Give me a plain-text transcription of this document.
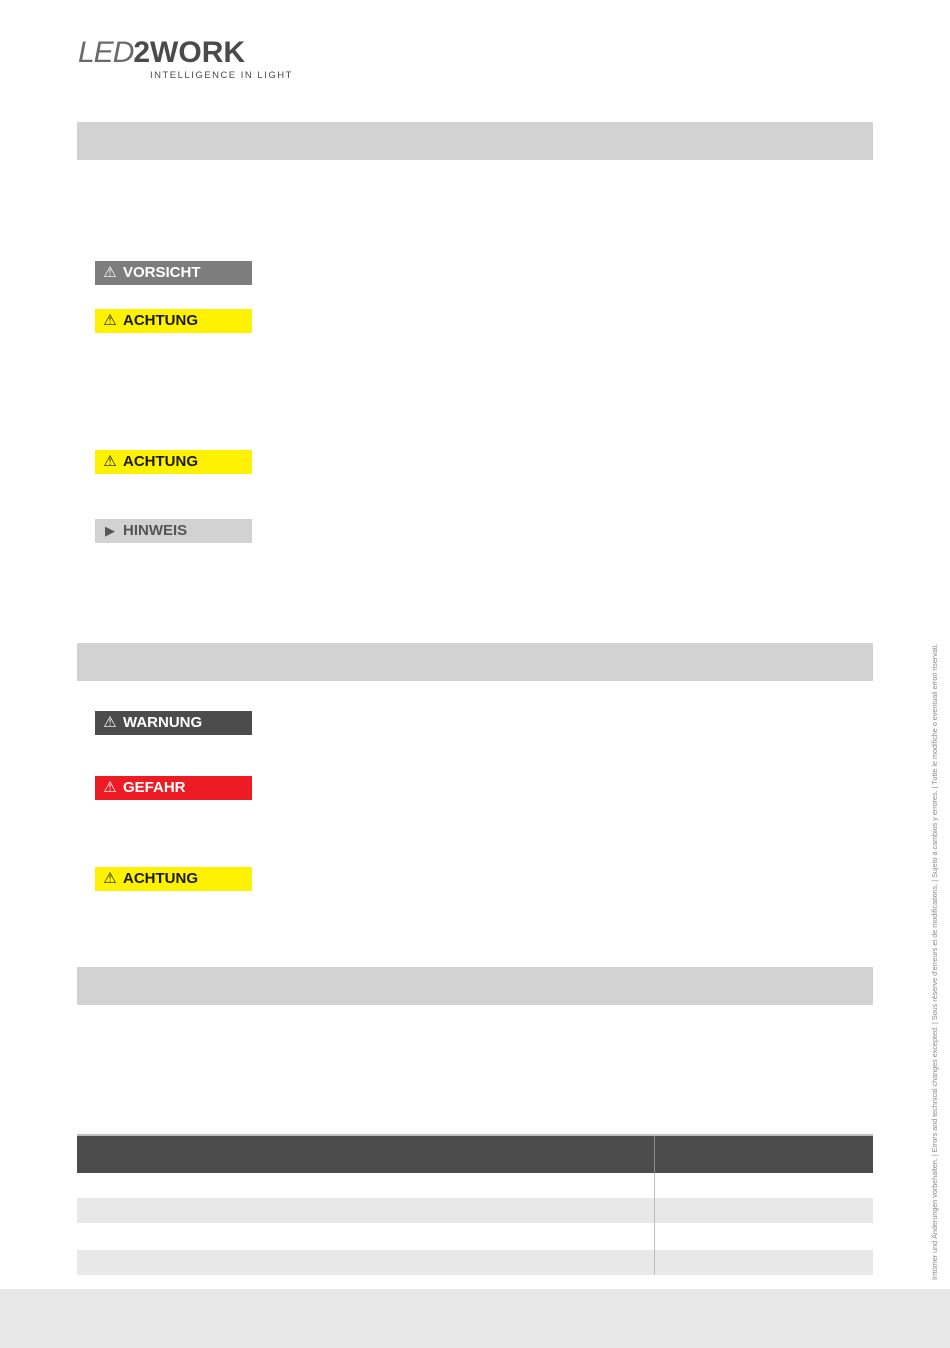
LED2WORK
INTELLIGENCE IN LIGHT
⚠ VORSICHT
⚠ ACHTUNG
⚠ ACHTUNG
▶ HINWEIS
⚠ WARNUNG
⚠ GEFAHR
⚠ ACHTUNG	Irrtümer und Änderungen vorbehalten. | Errors and technical changes excepted. | Sous réserve d'erreurs et de modifications. | Sujeto a cambios y errores. | Tutte le modifiche o eventuali errori riservati.
